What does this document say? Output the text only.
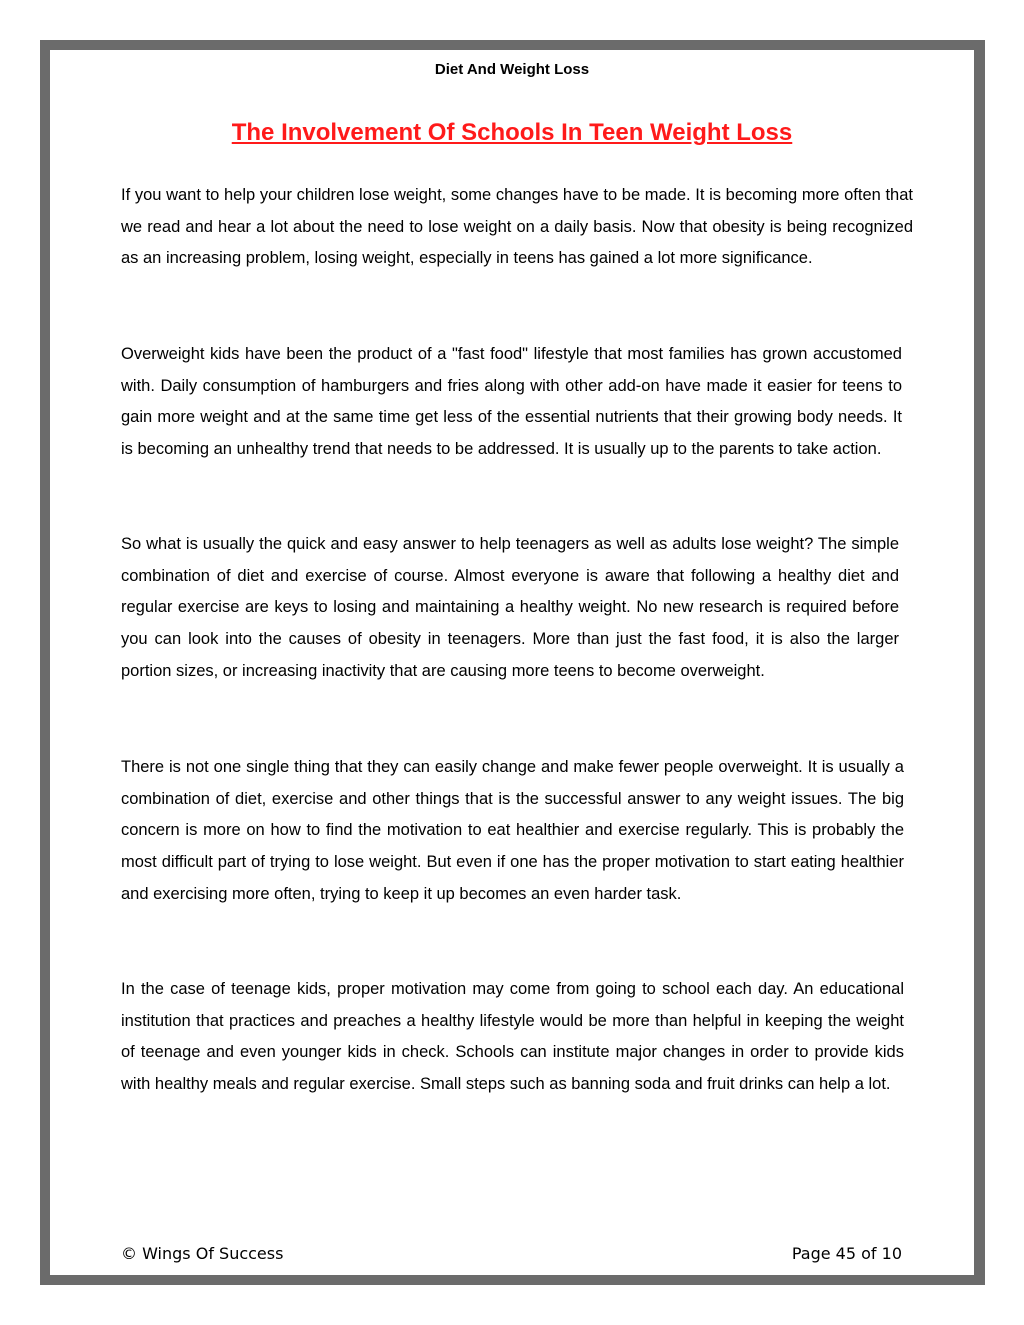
Diet And Weight Loss
The Involvement Of Schools In Teen Weight Loss

If you want to help your children lose weight, some changes have to be made. It is becoming more often that we read and hear a lot about the need to lose weight on a daily basis. Now that obesity is being recognized as an increasing problem, losing weight, especially in teens has gained a lot more significance.

Overweight kids have been the product of a "fast food" lifestyle that most families has grown accustomed with. Daily consumption of hamburgers and fries along with other add-on have made it easier for teens to gain more weight and at the same time get less of the essential nutrients that their growing body needs. It is becoming an unhealthy trend that needs to be addressed. It is usually up to the parents to take action.

So what is usually the quick and easy answer to help teenagers as well as adults lose weight? The simple combination of diet and exercise of course. Almost everyone is aware that following a healthy diet and regular exercise are keys to losing and maintaining a healthy weight. No new research is required before you can look into the causes of obesity in teenagers. More than just the fast food, it is also the larger portion sizes, or increasing inactivity that are causing more teens to become overweight.

There is not one single thing that they can easily change and make fewer people overweight. It is usually a combination of diet, exercise and other things that is the successful answer to any weight issues. The big concern is more on how to find the motivation to eat healthier and exercise regularly. This is probably the most difficult part of trying to lose weight. But even if one has the proper motivation to start eating healthier and exercising more often, trying to keep it up becomes an even harder task.

In the case of teenage kids, proper motivation may come from going to school each day. An educational institution that practices and preaches a healthy lifestyle would be more than helpful in keeping the weight of teenage and even younger kids in check. Schools can institute major changes in order to provide kids with healthy meals and regular exercise. Small steps such as banning soda and fruit drinks can help a lot.

© Wings Of Success	Page 45 of 10
